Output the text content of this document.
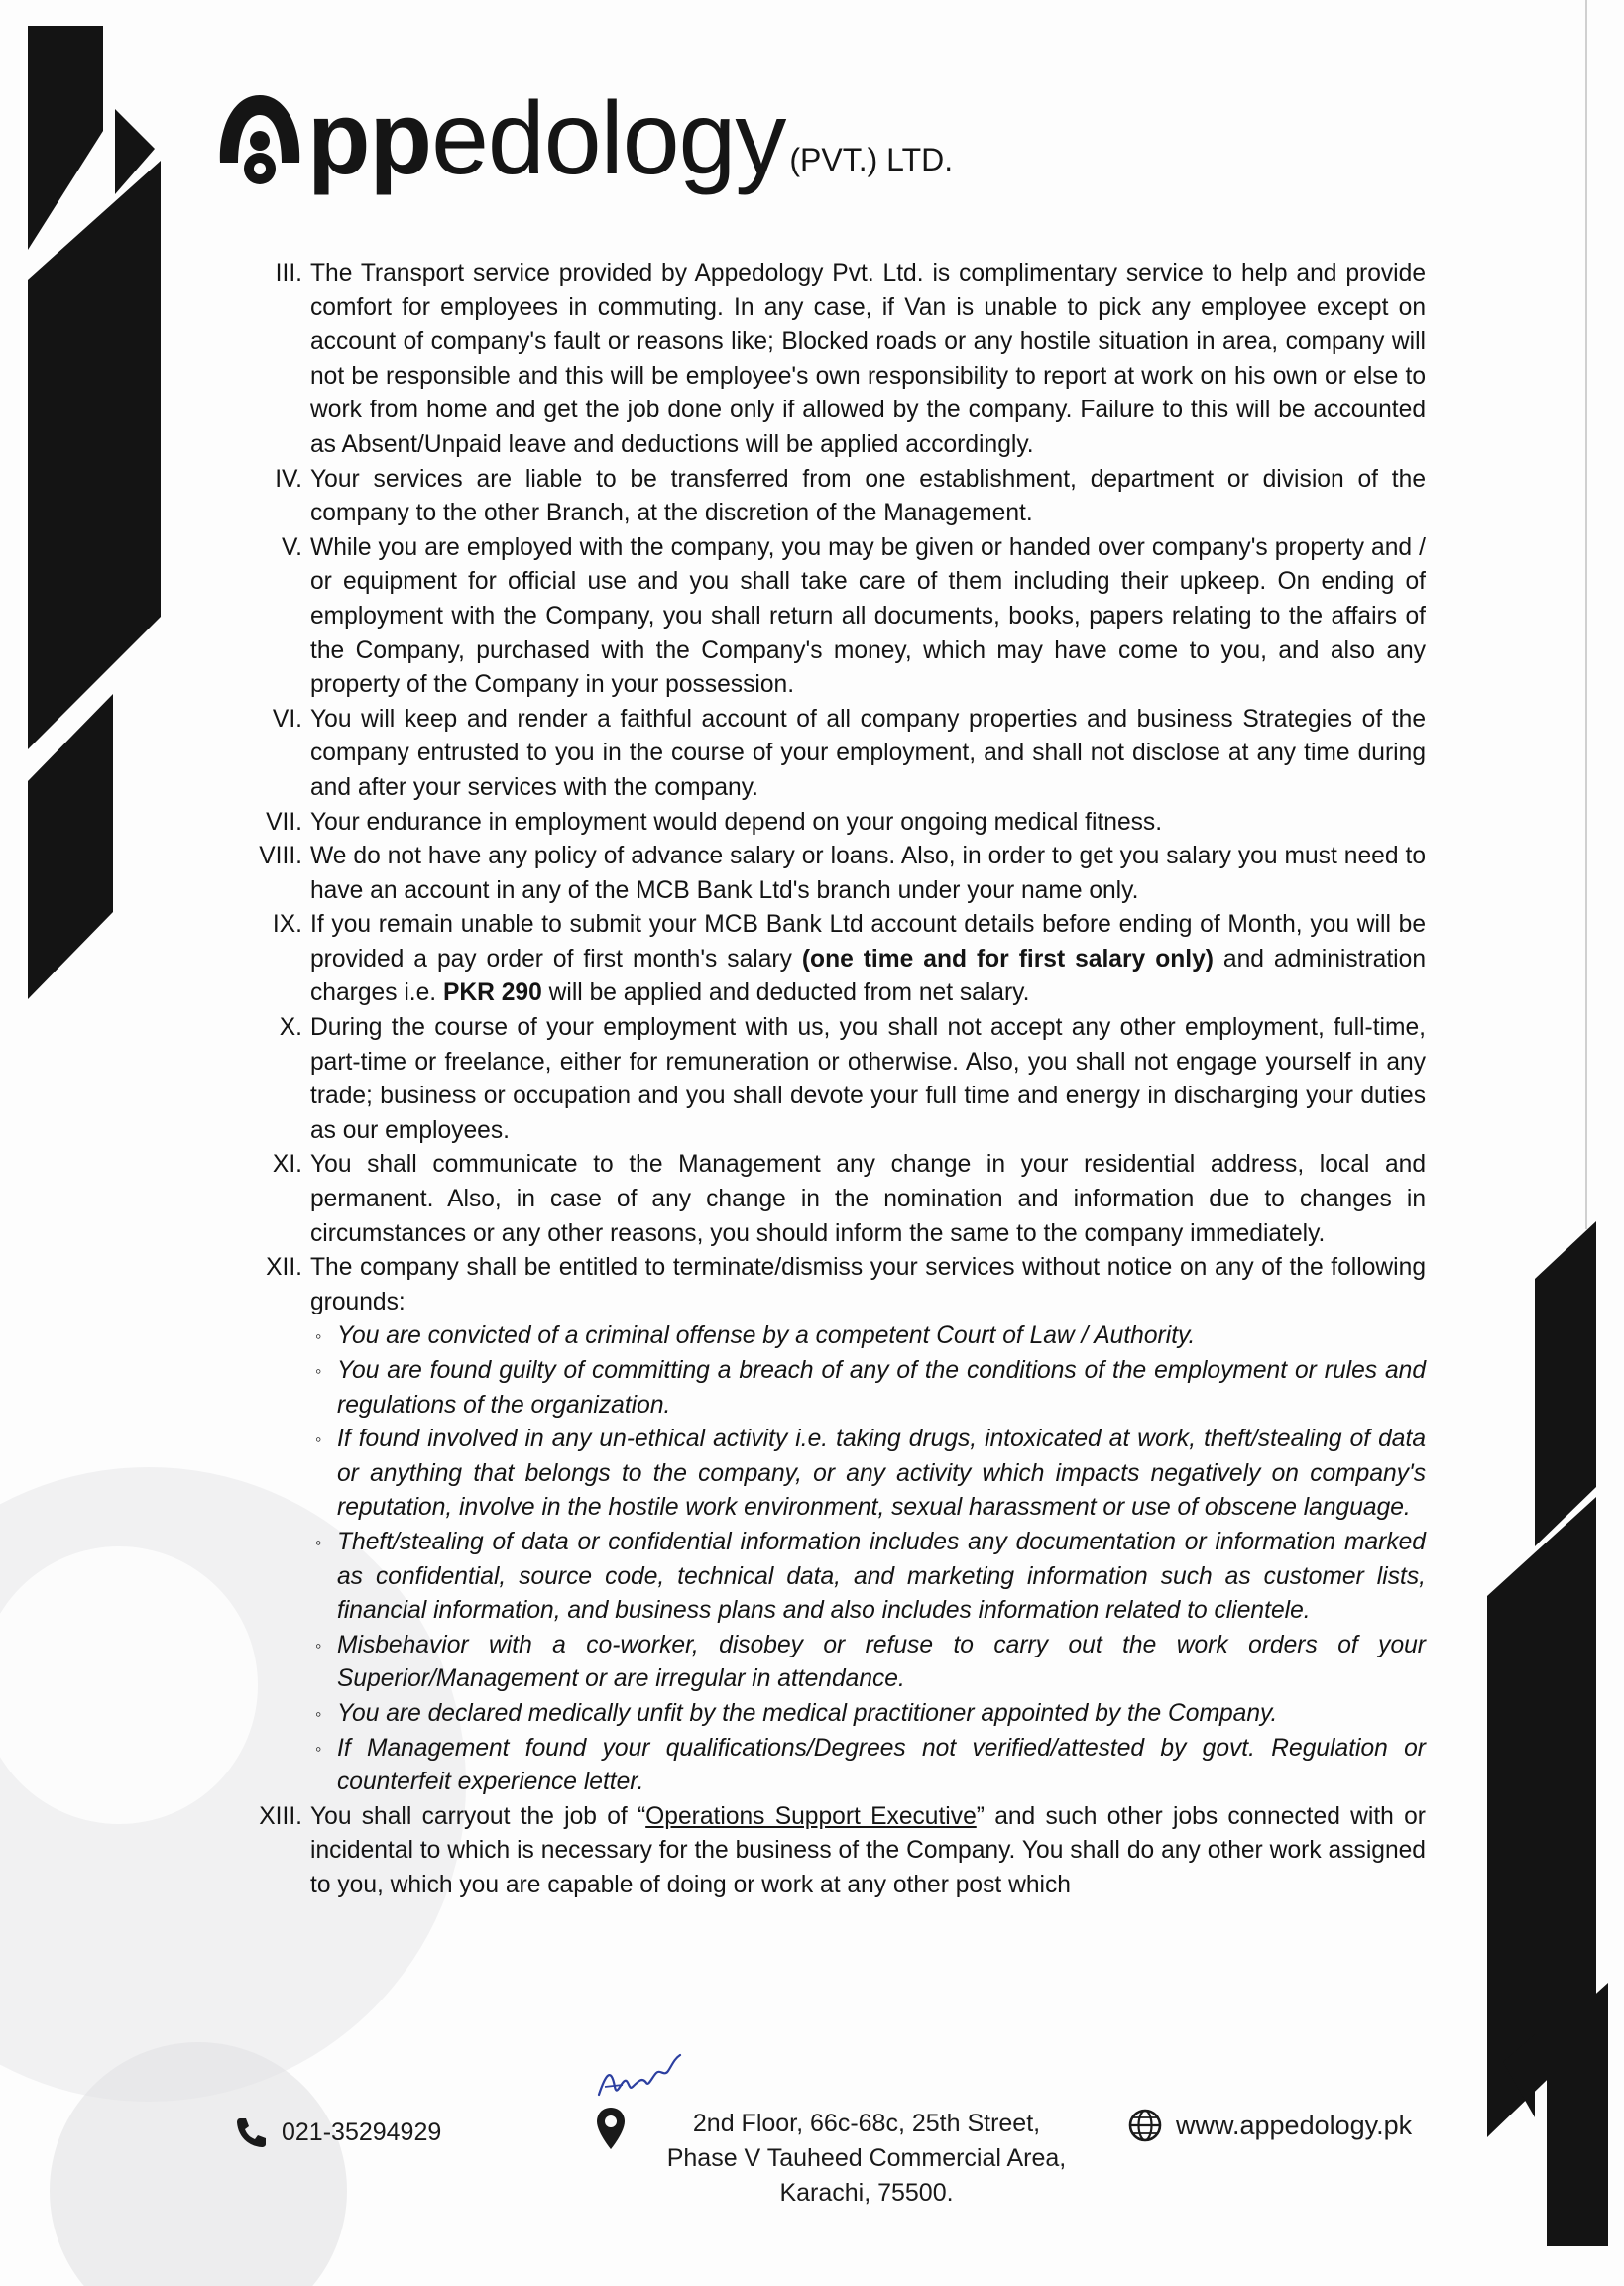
ppedology (PVT.) LTD.
III. The Transport service provided by Appedology Pvt. Ltd. is complimentary service to help and provide comfort for employees in commuting. In any case, if Van is unable to pick any employee except on account of company's fault or reasons like; Blocked roads or any hostile situation in area, company will not be responsible and this will be employee's own responsibility to report at work on his own or else to work from home and get the job done only if allowed by the company. Failure to this will be accounted as Absent/Unpaid leave and deductions will be applied accordingly.
IV. Your services are liable to be transferred from one establishment, department or division of the company to the other Branch, at the discretion of the Management.
V. While you are employed with the company, you may be given or handed over company's property and / or equipment for official use and you shall take care of them including their upkeep. On ending of employment with the Company, you shall return all documents, books, papers relating to the affairs of the Company, purchased with the Company's money, which may have come to you, and also any property of the Company in your possession.
VI. You will keep and render a faithful account of all company properties and business Strategies of the company entrusted to you in the course of your employment, and shall not disclose at any time during and after your services with the company.
VII. Your endurance in employment would depend on your ongoing medical fitness.
VIII. We do not have any policy of advance salary or loans. Also, in order to get you salary you must need to have an account in any of the MCB Bank Ltd's branch under your name only.
IX. If you remain unable to submit your MCB Bank Ltd account details before ending of Month, you will be provided a pay order of first month's salary (one time and for first salary only) and administration charges i.e. PKR 290 will be applied and deducted from net salary.
X. During the course of your employment with us, you shall not accept any other employment, full-time, part-time or freelance, either for remuneration or otherwise. Also, you shall not engage yourself in any trade; business or occupation and you shall devote your full time and energy in discharging your duties as our employees.
XI. You shall communicate to the Management any change in your residential address, local and permanent. Also, in case of any change in the nomination and information due to changes in circumstances or any other reasons, you should inform the same to the company immediately.
XII. The company shall be entitled to terminate/dismiss your services without notice on any of the following grounds:
◦
You are convicted of a criminal offense by a competent Court of Law / Authority.
◦
You are found guilty of committing a breach of any of the conditions of the employment or rules and regulations of the organization.
◦
If found involved in any un-ethical activity i.e. taking drugs, intoxicated at work, theft/stealing of data or anything that belongs to the company, or any activity which impacts negatively on company's reputation, involve in the hostile work environment, sexual harassment or use of obscene language.
◦
Theft/stealing of data or confidential information includes any documentation or information marked as confidential, source code, technical data, and marketing information such as customer lists, financial information, and business plans and also includes information related to clientele.
◦
Misbehavior with a co-worker, disobey or refuse to carry out the work orders of your Superior/Management or are irregular in attendance.
◦
You are declared medically unfit by the medical practitioner appointed by the Company.
◦
If Management found your qualifications/Degrees not verified/attested by govt. Regulation or counterfeit experience letter.
XIII. You shall carryout the job of “Operations Support Executive” and such other jobs connected with or incidental to which is necessary for the business of the Company. You shall do any other work assigned to you, which you are capable of doing or work at any other post which
021-35294929	2nd Floor, 66c-68c, 25th Street,
Phase V Tauheed Commercial Area,
Karachi, 75500.
www.appedology.pk
